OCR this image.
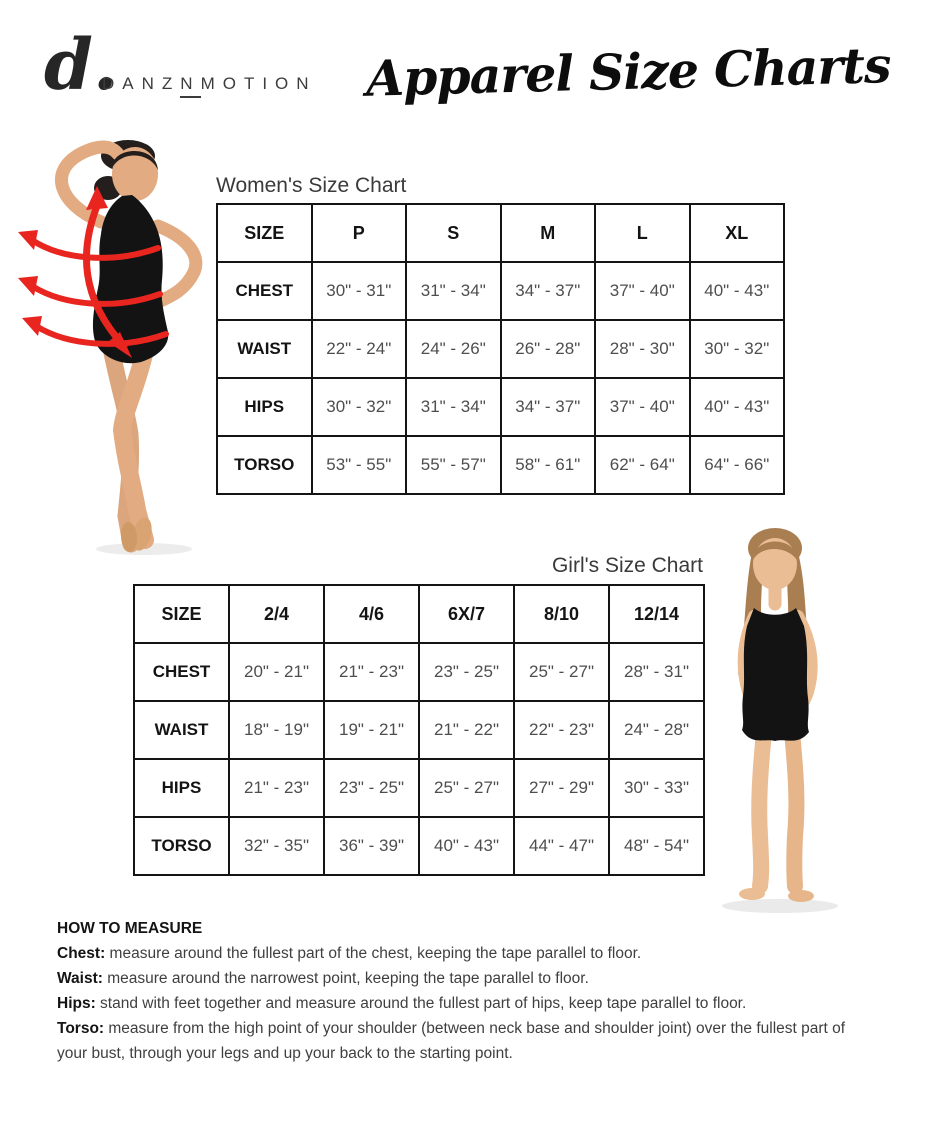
d.
DANZNMOTION Apparel Size Charts
Women's Size Chart
SIZE	P	S	M	L	XL
CHEST	30" - 31"	31" - 34"	34" - 37"	37" - 40"	40" - 43"
WAIST	22" - 24"	24" - 26"	26" - 28"	28" - 30"	30" - 32"
HIPS	30" - 32"	31" - 34"	34" - 37"	37" - 40"	40" - 43"
TORSO	53" - 55"	55" - 57"	58" - 61"	62" - 64"	64" - 66"
Girl's Size Chart
SIZE	2/4	4/6	6X/7	8/10	12/14
CHEST	20" - 21"	21" - 23"	23" - 25"	25" - 27"	28" - 31"
WAIST	18" - 19"	19" - 21"	21" - 22"	22" - 23"	24" - 28"
HIPS	21" - 23"	23" - 25"	25" - 27"	27" - 29"	30" - 33"
TORSO	32" - 35"	36" - 39"	40" - 43"	44" - 47"	48" - 54"
HOW TO MEASURE
Chest: measure around the fullest part of the chest, keeping the tape parallel to floor.
Waist: measure around the narrowest point, keeping the tape parallel to floor.
Hips: stand with feet together and measure around the fullest part of hips, keep tape parallel to floor.
Torso: measure from the high point of your shoulder (between neck base and shoulder joint) over the fullest part of your bust, through your legs and up your back to the starting point.
